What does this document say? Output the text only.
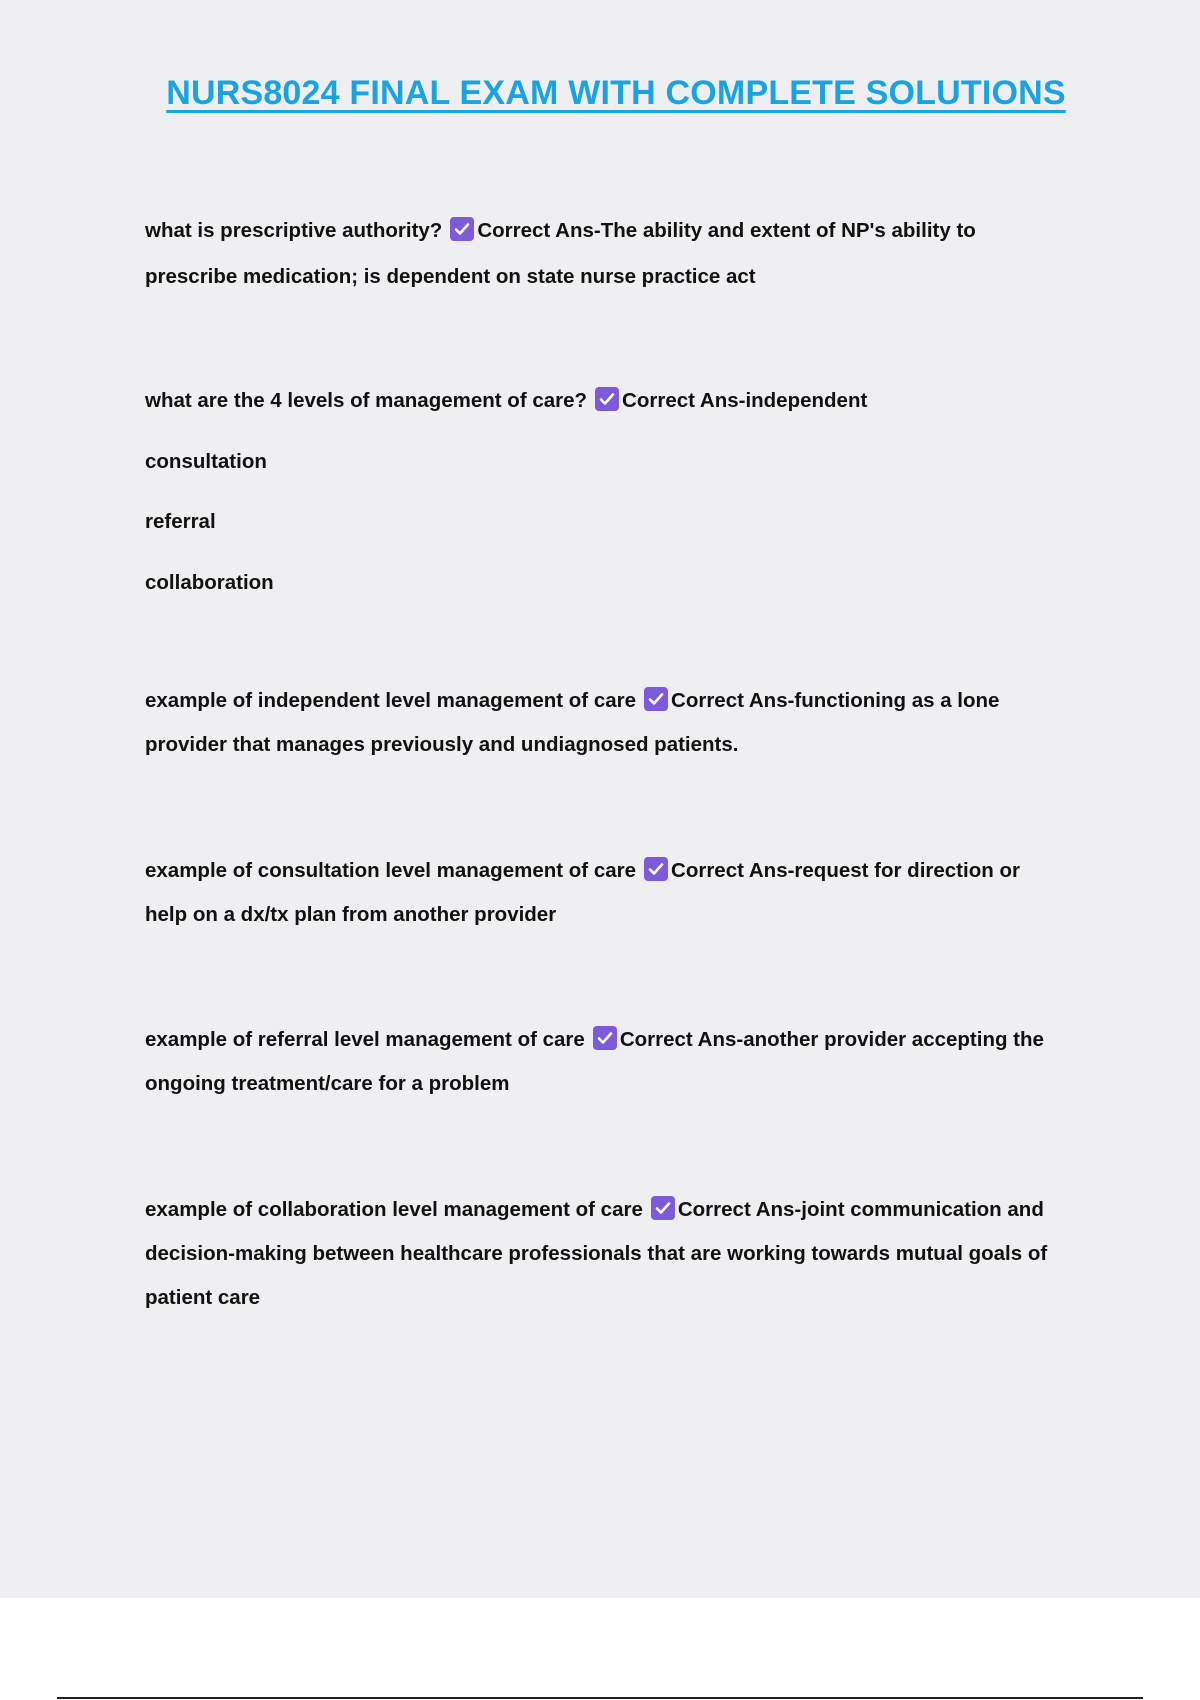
NURS8024 FINAL EXAM WITH COMPLETE SOLUTIONS

what is prescriptive authority? Correct Ans-The ability and extent of NP's ability to

prescribe medication; is dependent on state nurse practice act

what are the 4 levels of management of care? Correct Ans-independent

consultation

referral

collaboration

example of independent level management of care Correct Ans-functioning as a lone

provider that manages previously and undiagnosed patients.

example of consultation level management of care Correct Ans-request for direction or

help on a dx/tx plan from another provider

example of referral level management of care Correct Ans-another provider accepting the

ongoing treatment/care for a problem

example of collaboration level management of care Correct Ans-joint communication and

decision-making between healthcare professionals that are working towards mutual goals of

patient care
